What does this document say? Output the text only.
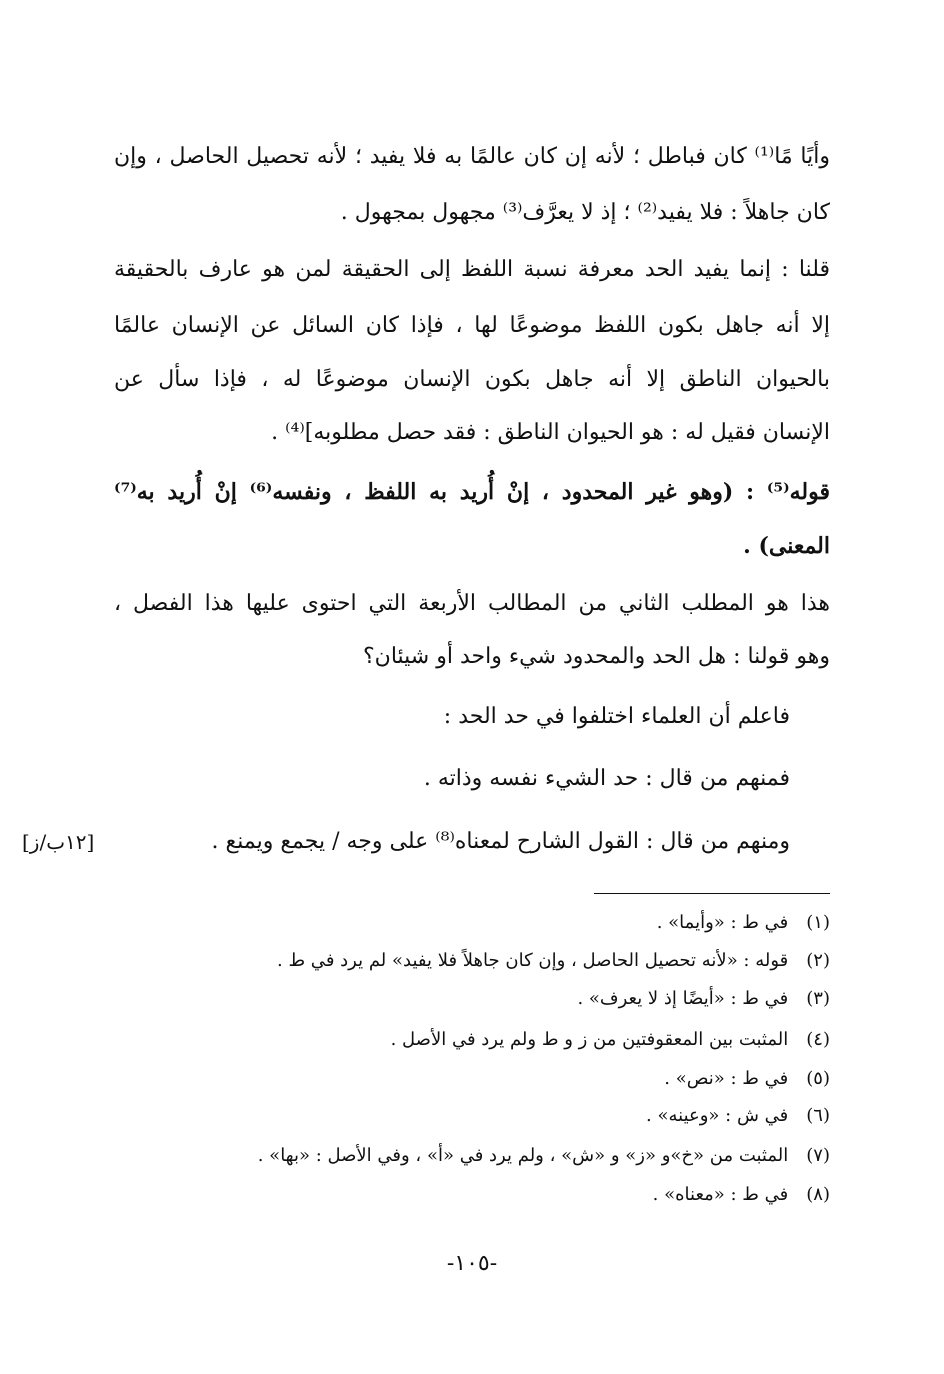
وأيًا مًا⁽¹⁾ كان فباطل ؛ لأنه إن كان عالمًا به فلا يفيد ؛ لأنه تحصيل الحاصل ، وإن
كان جاهلاً : فلا يفيد⁽²⁾ ؛ إذ لا يعرَّف⁽³⁾ مجهول بمجهول .
قلنا : إنما يفيد الحد معرفة نسبة اللفظ إلى الحقيقة لمن هو عارف بالحقيقة
إلا أنه جاهل بكون اللفظ موضوعًا لها ، فإذا كان السائل عن الإنسان عالمًا
بالحيوان الناطق إلا أنه جاهل بكون الإنسان موضوعًا له ، فإذا سأل عن
الإنسان فقيل له : هو الحيوان الناطق : فقد حصل مطلوبه]⁽⁴⁾ .
قوله⁽⁵⁾ : (وهو غير المحدود ، إنْ أُريد به اللفظ ، ونفسه⁽⁶⁾ إنْ أُريد به⁽⁷⁾
المعنى) .
هذا هو المطلب الثاني من المطالب الأربعة التي احتوى عليها هذا الفصل ،
وهو قولنا : هل الحد والمحدود شيء واحد أو شيئان؟
فاعلم أن العلماء اختلفوا في حد الحد :
فمنهم من قال : حد الشيء نفسه وذاته .
ومنهم من قال : القول الشارح لمعناه⁽⁸⁾ على وجه / يجمع ويمنع .
[١٢ب/ز]
(١) في ط : «وأيما» .
(٢) قوله : «لأنه تحصيل الحاصل ، وإن كان جاهلاً فلا يفيد» لم يرد في ط .
(٣) في ط : «أيضًا إذ لا يعرف» .
(٤) المثبت بين المعقوفتين من ز و ط ولم يرد في الأصل .
(٥) في ط : «نص» .
(٦) في ش : «وعينه» .
(٧) المثبت من «خ»و «ز» و «ش» ، ولم يرد في «أ» ، وفي الأصل : «بها» .
(٨) في ط : «معناه» .
-١٠٥-
